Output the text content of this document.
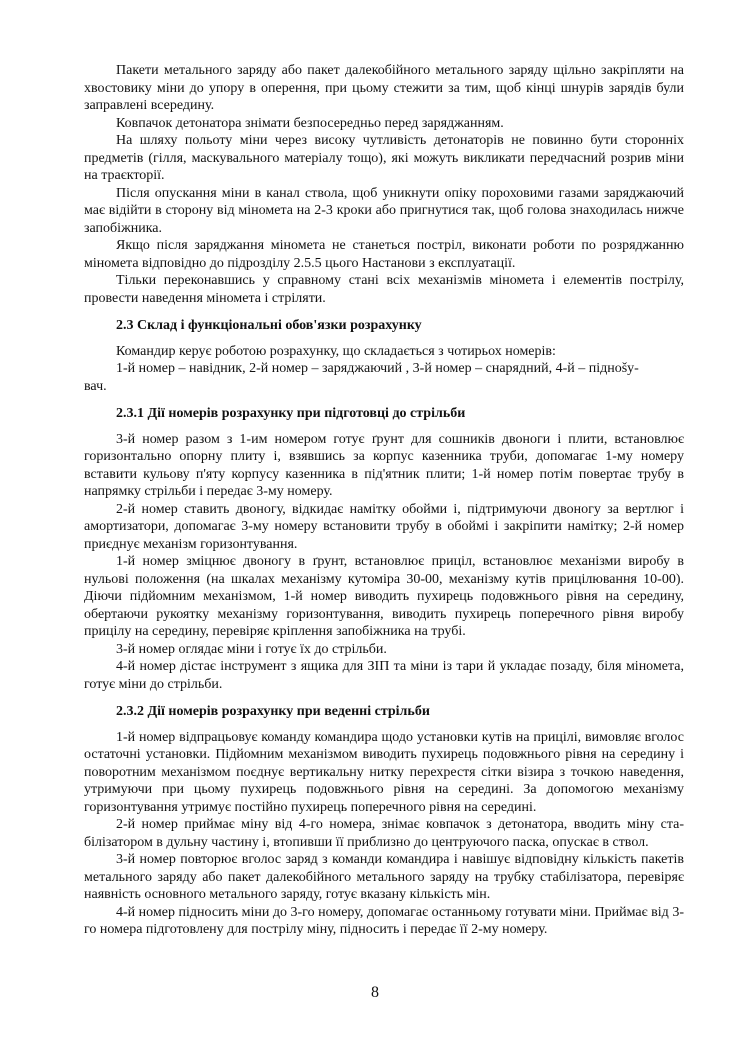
Пакети метального заряду або пакет далекобійного метального заряду щільно закріпляти на хвостовику міни до упору в оперення, при цьому стежити за тим, щоб кінці шнурів зарядів були заправлені всередину.

Ковпачок детонатора знімати безпосередньо перед заряджанням.

На шляху польоту міни через високу чутливість детонаторів не повинно бути сторонніх предметів (гілля, маскувального матеріалу тощо), які можуть викликати передчасний розрив міни на траєкторії.

Після опускання міни в канал ствола, щоб уникнути опіку пороховими газами заряджаючий має відійти в сторону від міномета на 2-3 кроки або пригнутися так, щоб голова знаходилась нижче запобіжника.

Якщо після заряджання міномета не станеться постріл, виконати роботи по розряджанню міномета відповідно до підрозділу 2.5.5 цього Настанови з експлуатації.

Тільки переконавшись у справному стані всіх механізмів міномета і елементів пострілу, провести наведення міномета і стріляти.

2.3 Склад і функціональні обов'язки розрахунку

Командир керує роботою розрахунку, що складається з чотирьох номерів:

1-й номер – навідник, 2-й номер – заряджаючий , 3-й номер – снарядний, 4-й – піднošу-

вач.

2.3.1 Дії номерів розрахунку при підготовці до стрільби

3-й номер разом з 1-им номером готує ґрунт для сошників двоноги і плити, встановлює горизонтально опорну плиту і, взявшись за корпус казенника труби, допомагає 1-му номеру вставити кульову п'яту корпусу казенника в під'ятник плити; 1-й номер потім повертає трубу в напрямку стрільби і передає 3-му номеру.

2-й номер ставить двоногу, відкидає намітку обойми і, підтримуючи двоногу за вертлюг і амортизатори, допомагає 3-му номеру встановити трубу в обоймі і закріпити намітку; 2-й номер приєднує механізм горизонтування.

1-й номер зміцнює двоногу в ґрунт, встановлює приціл, встановлює механізми виробу в нульові положення (на шкалах механізму кутоміра 30-00, механізму кутів прицілювання 10-00). Діючи підйомним механізмом, 1-й номер виводить пухирець подовжнього рівня на середину, обертаючи рукоятку механізму горизонтування, виводить пухирець поперечного рівня виробу прицілу на середину, перевіряє кріплення запобіжника на трубі.

3-й номер оглядає міни і готує їх до стрільби.

4-й номер дістає інструмент з ящика для ЗІП та міни із тари й укладає позаду, біля міномета, готує міни до стрільби.

2.3.2 Дії номерів розрахунку при веденні стрільби

1-й номер відпрацьовує команду командира щодо установки кутів на прицілі, вимовляє вголос остаточні установки. Підйомним механізмом виводить пухирець подовжнього рівня на середину і поворотним механізмом поєднує вертикальну нитку перехрестя сітки візира з точкою наведення, утримуючи при цьому пухирець подовжнього рівня на середині. За допомогою механізму горизонтування утримує постійно пухирець поперечного рівня на середині.

2-й номер приймає міну від 4-го номера, знімає ковпачок з детонатора, вводить міну стабілізатором в дульну частину і, втопивши її приблизно до центруючого паска, опускає в ствол.

3-й номер повторює вголос заряд з команди командира і навішує відповідну кількість пакетів метального заряду або пакет далекобійного метального заряду на трубку стабілізатора, перевіряє наявність основного метального заряду, готує вказану кількість мін.

4-й номер підносить міни до 3-го номеру, допомагає останньому готувати міни. Приймає від 3-го номера підготовлену для пострілу міну, підносить і передає її 2-му номеру.

8
